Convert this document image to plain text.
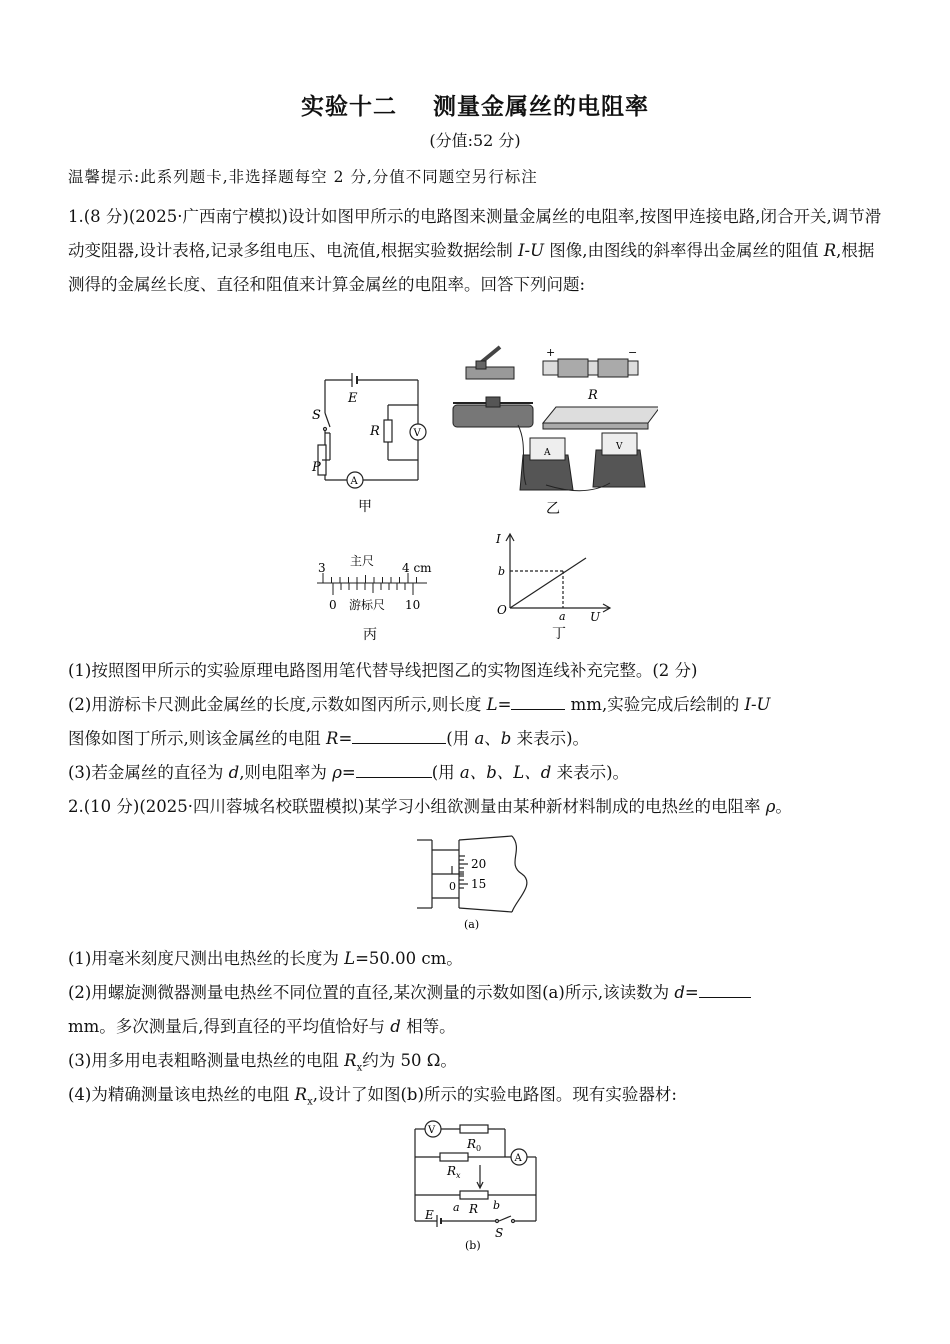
实验十二    测量金属丝的电阻率
(分值:52 分)
温馨提示:此系列题卡,非选择题每空 2 分,分值不同题空另行标注
1.(8 分)(2025·广西南宁模拟)设计如图甲所示的电路图来测量金属丝的电阻率,按图甲连接电路,闭合开关,调节滑动变阻器,设计表格,记录多组电压、电流值,根据实验数据绘制 I-U 图像,由图线的斜率得出金属丝的阻值 R,根据测得的金属丝长度、直径和阻值来计算金属丝的电阻率。回答下列问题:
E
S
P
R	V
A
甲
+	−
R
A
V
乙
主尺
3	4 cm
0 游标尺 10
丙
I
U
O
b
a
丁
(1)按照图甲所示的实验原理电路图用笔代替导线把图乙的实物图连线补充完整。(2 分)
(2)用游标卡尺测此金属丝的长度,示数如图丙所示,则长度 L=	mm,实验完成后绘制的 I-U
图像如图丁所示,则该金属丝的电阻 R=	(用 a、b 来表示)。
(3)若金属丝的直径为 d,则电阻率为 ρ=	(用 a、b、L、d 来表示)。
2.(10 分)(2025·四川蓉城名校联盟模拟)某学习小组欲测量由某种新材料制成的电热丝的电阻率 ρ。
20
15
0
(a)
(1)用毫米刻度尺测出电热丝的长度为 L=50.00 cm。
(2)用螺旋测微器测量电热丝不同位置的直径,某次测量的示数如图(a)所示,该读数为 d=
mm。多次测量后,得到直径的平均值恰好与 d 相等。
(3)用多用电表粗略测量电热丝的电阻 $R_x$约为 50 Ω。
(4)为精确测量该电热丝的电阻 $R_x$,设计了如图(b)所示的实验电路图。现有实验器材:
V
R 0
A
R x
a R b
E
S
(b)
